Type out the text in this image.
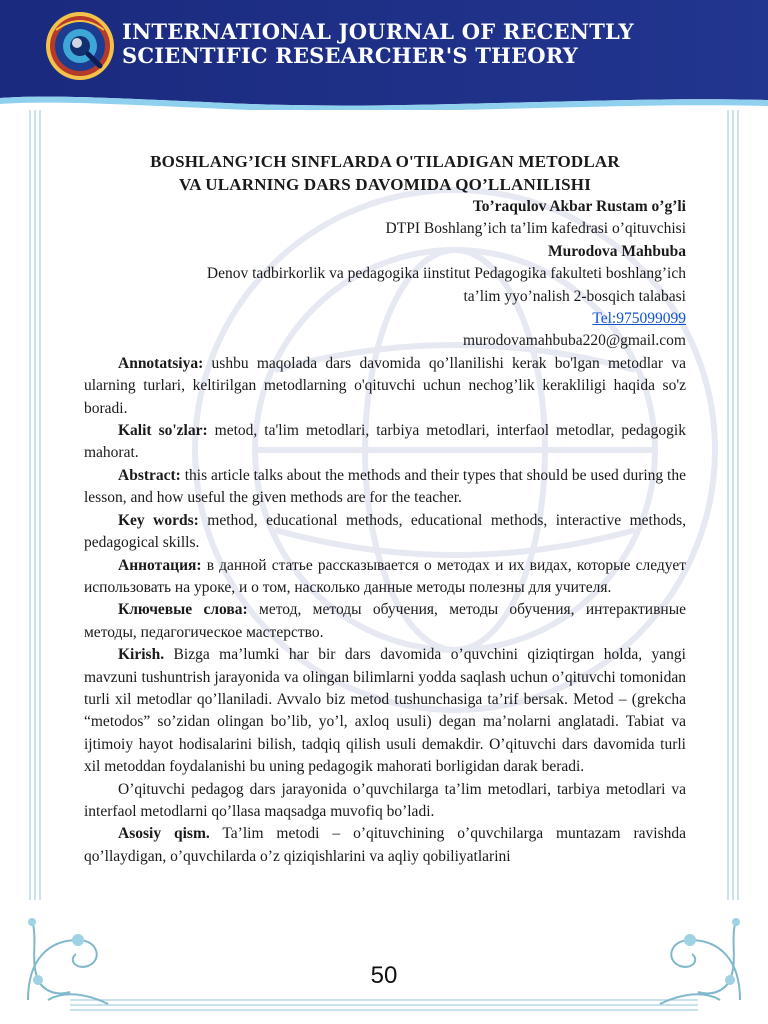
INTERNATIONAL JOURNAL OF RECENTLY
SCIENTIFIC RESEARCHER'S THEORY
BOSHLANG’ICH SINFLARDA O'TILADIGAN METODLAR
VA ULARNING DARS DAVOMIDA QO’LLANILISHI
To’raqulov Akbar Rustam o’g’li
DTPI Boshlang’ich ta’lim kafedrasi o’qituvchisi
Murodova Mahbuba
Denov tadbirkorlik va pedagogika iinstitut Pedagogika fakulteti boshlang’ich
ta’lim yyo’nalish 2-bosqich talabasi
Tel:975099099
murodovamahbuba220@gmail.com

Annotatsiya: ushbu maqolada dars davomida qo’llanilishi kerak bo'lgan metodlar va ularning turlari, keltirilgan metodlarning o'qituvchi uchun nechog’lik kerakliligi haqida so'z boradi.

Kalit so'zlar: metod, ta'lim metodlari, tarbiya metodlari, interfaol metodlar, pedagogik mahorat.

Abstract: this article talks about the methods and their types that should be used during the lesson, and how useful the given methods are for the teacher.

Key words: method, educational methods, educational methods, interactive methods, pedagogical skills.

Аннотация: в данной статье рассказывается о методах и их видах, которые следует использовать на уроке, и о том, насколько данные методы полезны для учителя.

Ключевые слова: метод, методы обучения, методы обучения, интерактивные методы, педагогическое мастерство.

Kirish. Bizga ma’lumki har bir dars davomida o’quvchini qiziqtirgan holda, yangi mavzuni tushuntrish jarayonida va olingan bilimlarni yodda saqlash uchun o’qituvchi tomonidan turli xil metodlar qo’llaniladi. Avvalo biz metod tushunchasiga ta’rif bersak. Metod – (grekcha “metodos” so’zidan olingan bo’lib, yo’l, axloq usuli) degan ma’nolarni anglatadi. Tabiat va ijtimoiy hayot hodisalarini bilish, tadqiq qilish usuli demakdir. O’qituvchi dars davomida turli xil metoddan foydalanishi bu uning pedagogik mahorati borligidan darak beradi.

O’qituvchi pedagog dars jarayonida o’quvchilarga ta’lim metodlari, tarbiya metodlari va interfaol metodlarni qo’llasa maqsadga muvofiq bo’ladi.

Asosiy qism. Ta’lim metodi – o’qituvchining o’quvchilarga muntazam ravishda qo’llaydigan, o’quvchilarda o’z qiziqishlarini va aqliy qobiliyatlarini

50
